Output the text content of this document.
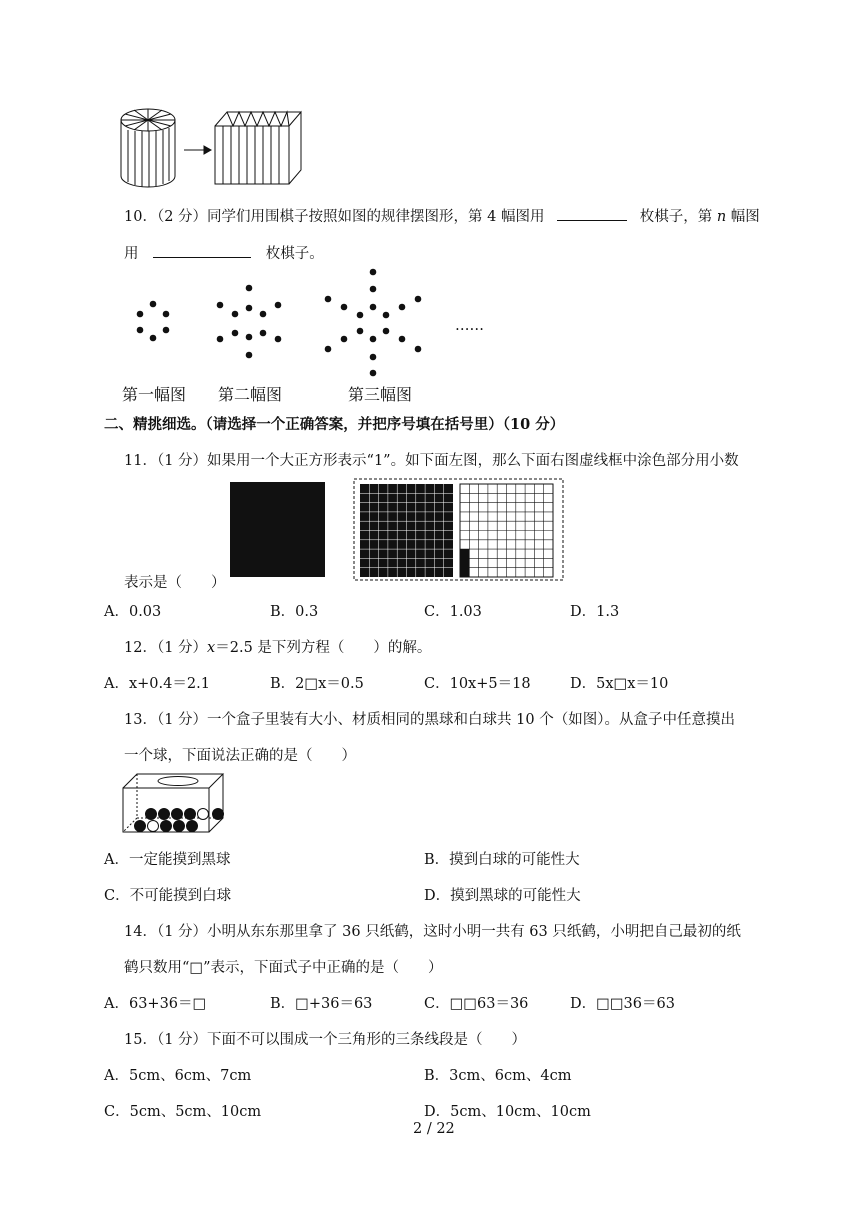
10．（2 分）同学们用围棋子按照如图的规律摆图形，第 4 幅图用	枚棋子，第 n 幅图
用	枚棋子。
……
第一幅图 第二幅图	第三幅图
二、精挑细选。（请选择一个正确答案，并把序号填在括号里）（10 分）
11．（1 分）如果用一个大正方形表示“1”。如下面左图，那么下面右图虚线框中涂色部分用小数
表示是（　　）
A．0.03	B．0.3	C．1.03	D．1.3
12．（1 分）x＝2.5 是下列方程（　　）的解。
A．x+0.4＝2.1	B．2□x＝0.5	C．10x+5＝18	D．5x□x＝10
13．（1 分）一个盒子里装有大小、材质相同的黑球和白球共 10 个（如图）。从盒子中任意摸出
一个球，下面说法正确的是（　　）
A．一定能摸到黑球	B．摸到白球的可能性大
C．不可能摸到白球	D．摸到黑球的可能性大
14．（1 分）小明从东东那里拿了 36 只纸鹤，这时小明一共有 63 只纸鹤，小明把自己最初的纸
鹤只数用“□”表示，下面式子中正确的是（　　）
A．63+36＝□	B．□+36＝63	C．□□63＝36	D．□□36＝63
15．（1 分）下面不可以围成一个三角形的三条线段是（　　）
A．5cm、6cm、7cm	B．3cm、6cm、4cm
C．5cm、5cm、10cm	D．5cm、10cm、10cm
2 / 22
